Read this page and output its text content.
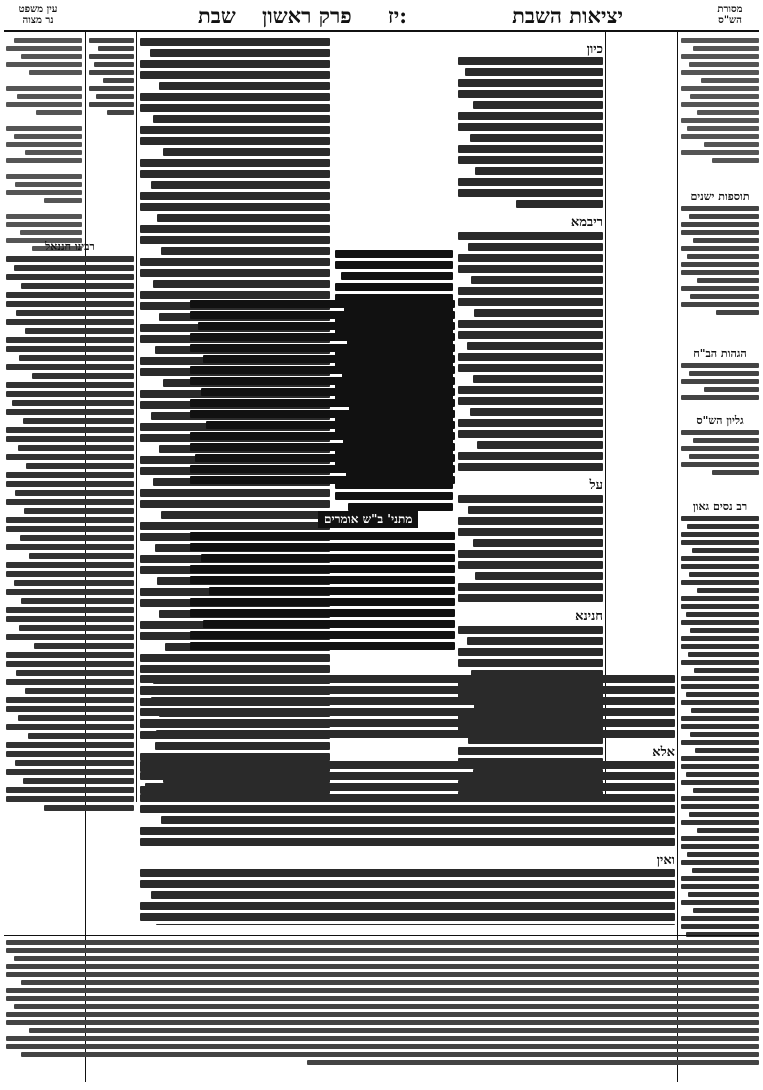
מסורת
הש"ס
יציאות השבת
יז:
פרק ראשון
שבת
עין משפט
נר מצוה
רבינו חננאל
תוספות ישנים
הגהות הב"ח
גליון הש"ס
רב נסים גאון
כיון
ריבמא
על
חנינא
מתני' ב"ש אומרים
אלא
ואין
